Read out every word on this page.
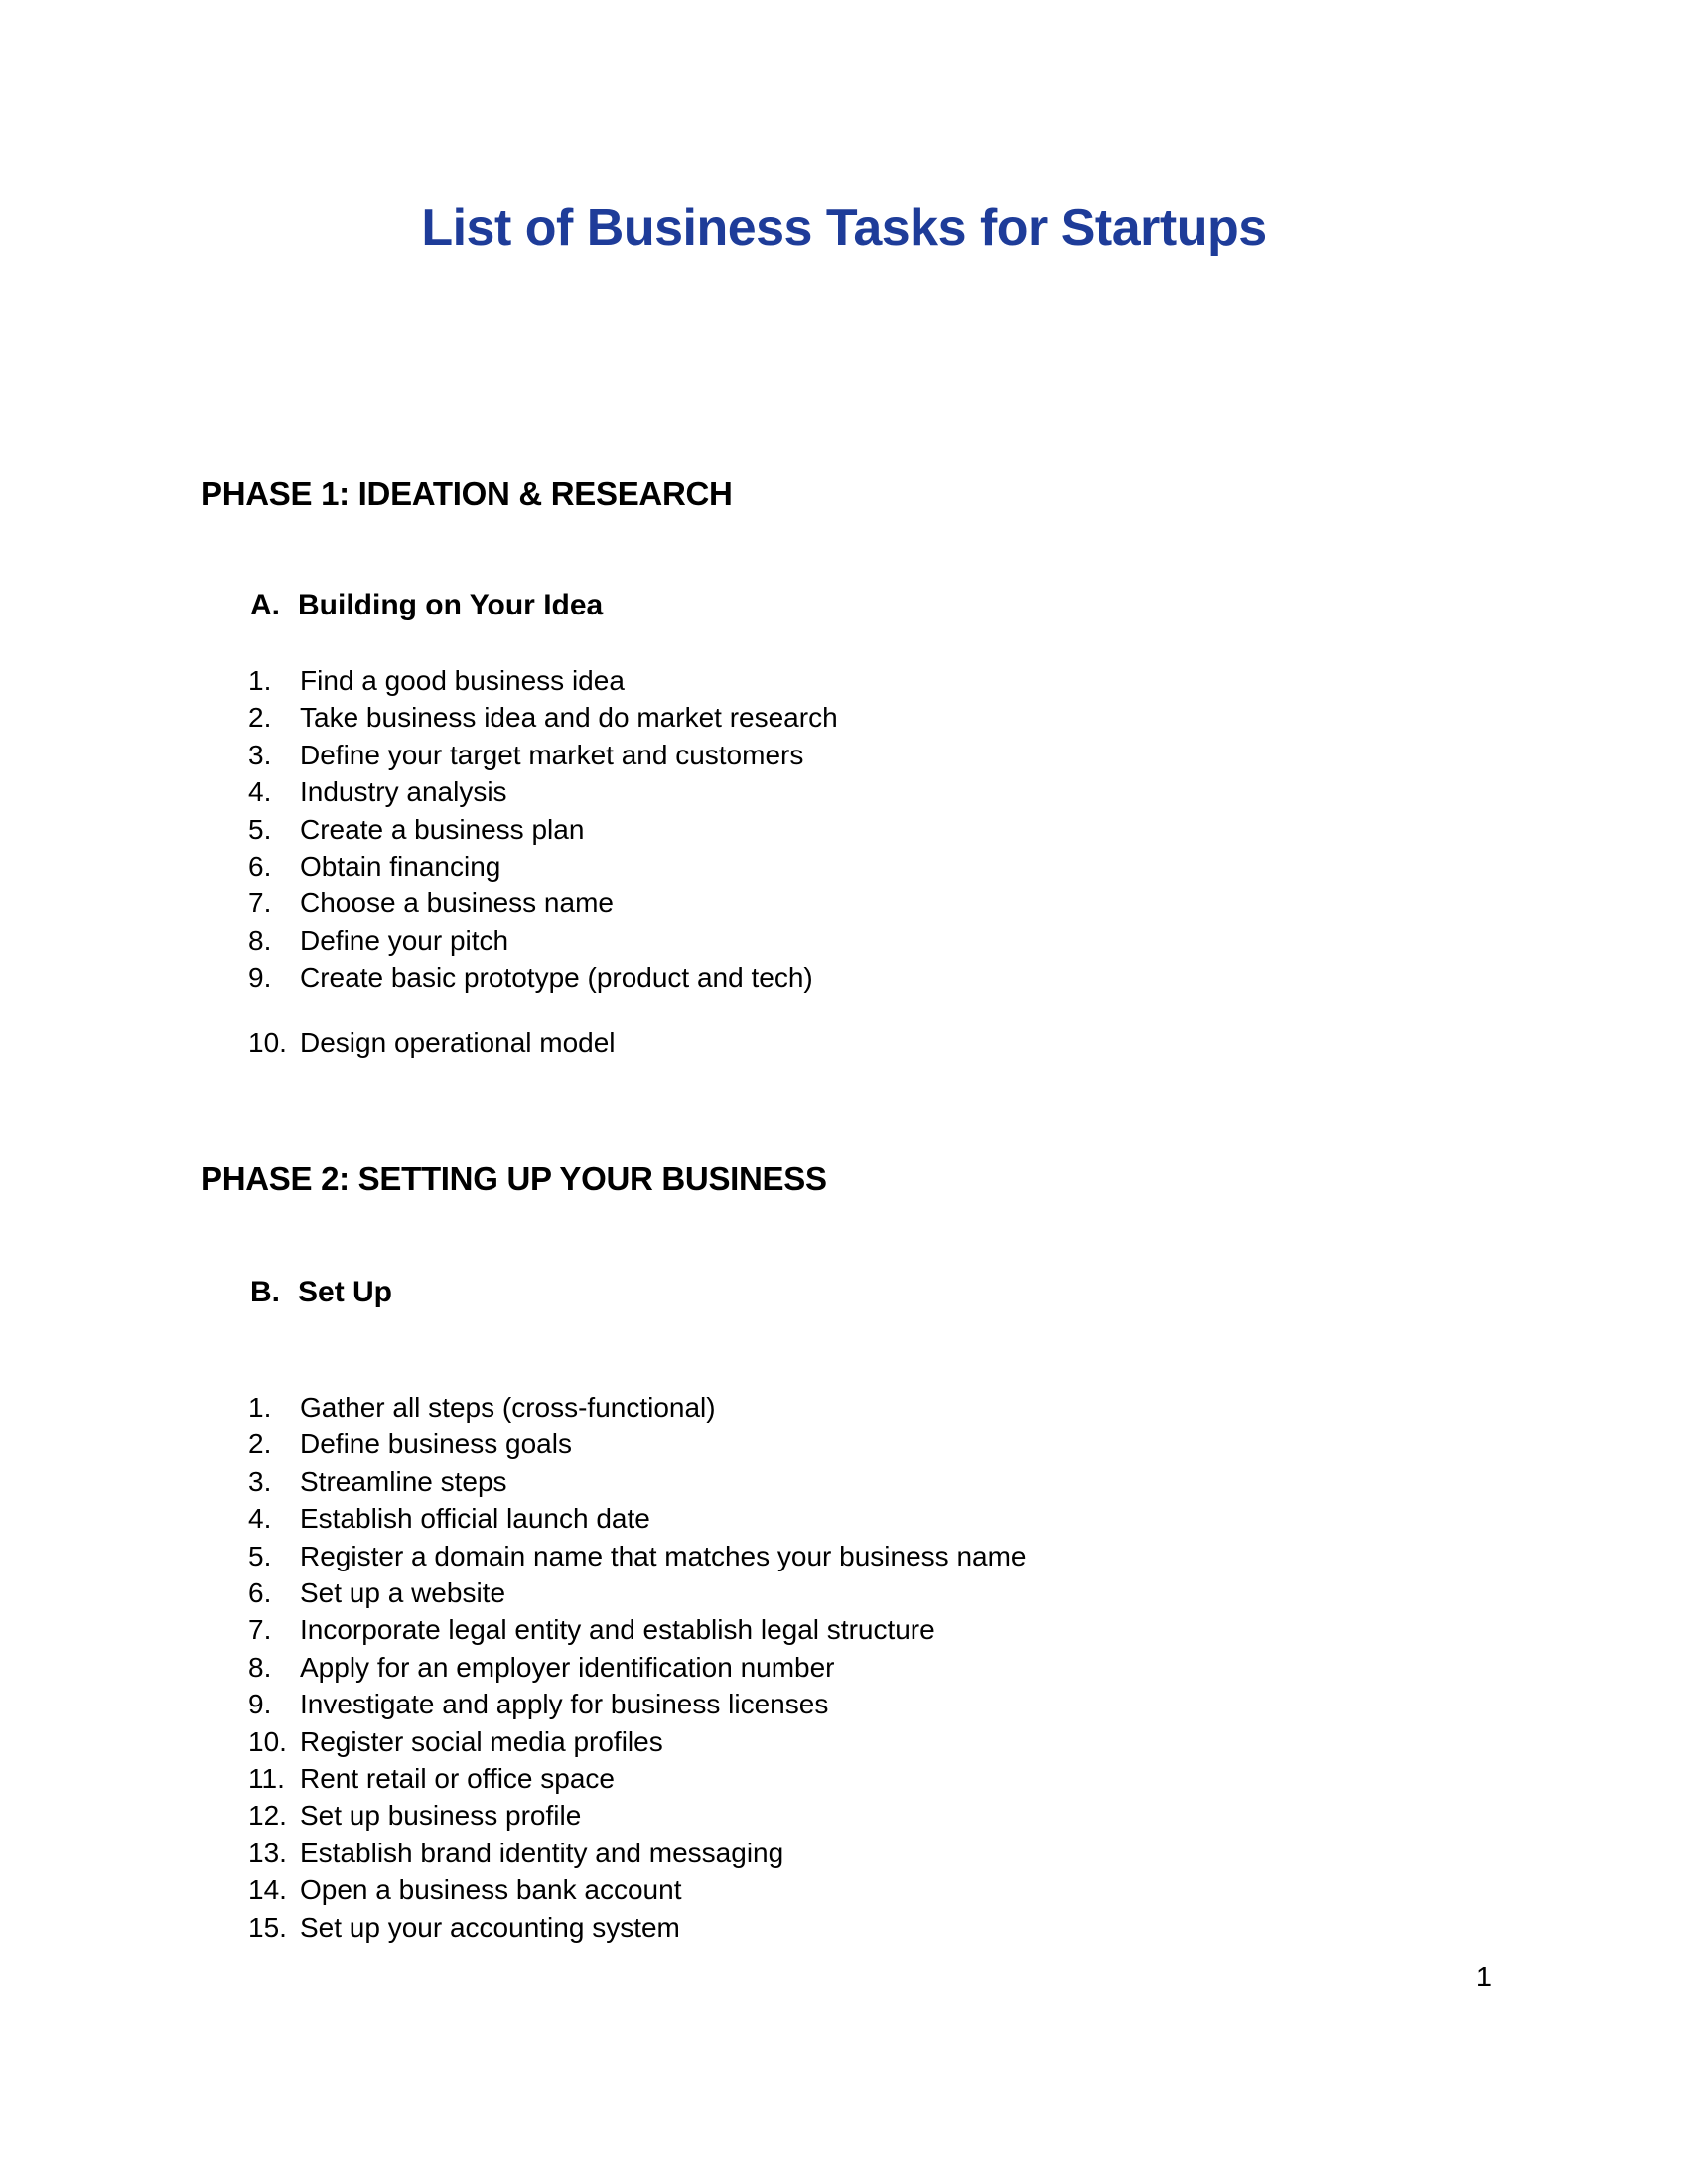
List of Business Tasks for Startups
PHASE 1: IDEATION & RESEARCH
A. Building on Your Idea
1. Find a good business idea
2. Take business idea and do market research
3. Define your target market and customers
4. Industry analysis
5. Create a business plan
6. Obtain financing
7. Choose a business name
8. Define your pitch
9. Create basic prototype (product and tech)
10. Design operational model
PHASE 2: SETTING UP YOUR BUSINESS
B. Set Up
1. Gather all steps (cross-functional)
2. Define business goals
3. Streamline steps
4. Establish official launch date
5. Register a domain name that matches your business name
6. Set up a website
7. Incorporate legal entity and establish legal structure
8. Apply for an employer identification number
9. Investigate and apply for business licenses
10. Register social media profiles
11. Rent retail or office space
12. Set up business profile
13. Establish brand identity and messaging
14. Open a business bank account
15. Set up your accounting system
1
